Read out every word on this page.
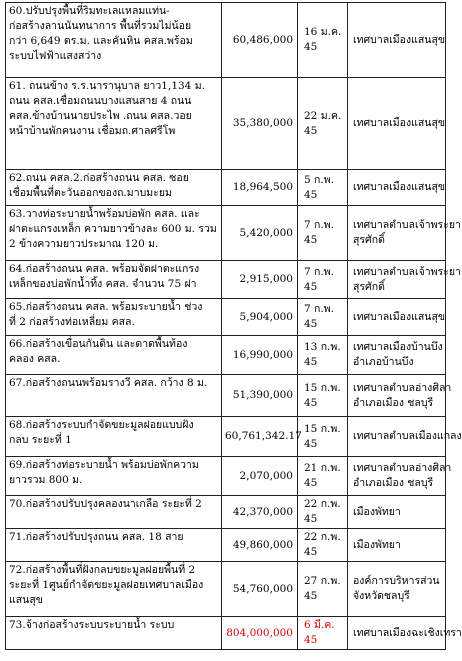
60.ปรับปรุงพื้นที่ริมทะเลแหลมแท่น-
ก่อสร้างลานนันทนาการ พื้นที่รวมไม่น้อย
กว่า 6,649 ตร.ม. และคันหิน คสล.พร้อม
ระบบไฟฟ้าแสงสว่าง	60,486,000	16 ม.ค. 45	เทศบาลเมืองแสนสุข

61. ถนนข้าง ร.ร.นารานุบาล ยาว1,134 ม.
ถนน คสล.เชื่อมถนนบางแสนสาย 4 ถนน
คสล.ข้างบ้านนายประไพ .ถนน คสล.วอย
หน้าบ้านพักคนงาน เชื่อมถ.ศาลศรีโพ	35,380,000	22 ม.ค. 45	เทศบาลเมืองแสนสุข

62.ถนน คสล.2.ก่อสร้างถนน คสล. ซอย
เชื่อมพื้นที่ตะวันออกของถ.มาบมะยม	18,964,500	5 ก.พ. 45	เทศบาลเมืองแสนสุข

63.วางท่อระบายน้ำพร้อมบ่อพัก คสล. และ
ฝาตะแกรงเหล็ก ความยาวข้างละ 600 ม. รวม
2 ข้างความยาวประมาณ 120 ม.	5,420,000	7 ก.พ. 45	เทศบาลตำบลเจ้าพระยา
สุรศักดิ์

64.ก่อสร้างถนน คสล. พร้อมจัดฝาตะแกรง
เหล็กของบ่อพักน้ำทิ้ง คสล. จำนวน 75 ฝา	2,915,000	7 ก.พ. 45	เทศบาลตำบลเจ้าพระยา
สุรศักดิ์

65.ก่อสร้างถนน คสล. พร้อมระบายน้ำ ช่วง
ที่ 2 ก่อสร้างท่อเหลี่ยม คสล.	5,904,000	7 ก.พ. 45	เทศบาลเมืองแสนสุข

66.ก่อสร้างเขื่อนกันดิน และดาดพื้นท้อง
คลอง คสล.	16,990,000	13 ก.พ. 45	เทศบาลเมืองบ้านบึง
อำเภอบ้านบึง

67.ก่อสร้างถนนพร้อมรางวี คสล. กว้าง 8 ม.	51,390,000	15 ก.พ. 45	เทศบาลตำบลอ่างศิลา
อำเภอเมือง ชลบุรี

68.ก่อสร้างระบบกำจัดขยะมูลฝอยแบบฝัง
กลบ ระยะที่ 1	60,761,342.17	15 ก.พ. 45	เทศบาลตำบลเมืองแกลง

69.ก่อสร้างท่อระบายน้ำ พร้อมบ่อพักความ
ยาวรวม 800 ม.	2,070,000	21 ก.พ. 45	เทศบาลตำบลอ่างศิลา
อำเภอเมือง ชลบุรี

70.ก่อสร้างปรับปรุงคลองนาเกลือ ระยะที่ 2	42,370,000	22 ก.พ. 45	เมืองพัทยา

71.ก่อสร้างปรับปรุงถนน คสล. 18 สาย	49,860,000	22 ก.พ. 45	เมืองพัทยา

72.ก่อสร้างพื้นที่ฝังกลบขยะมูลฝอยพื้นที่ 2
ระยะที่ 1ศูนย์กำจัดขยะมูลฝอยเทศบาลเมือง
แสนสุข	54,760,000	27 ก.พ. 45	องค์การบริหารส่วน
จังหวัดชลบุรี

73.จ้างก่อสร้างระบบระบายน้ำ ระบบ	804,000,000	6 มี.ค. 45	เทศบาลเมืองฉะเชิงเทรา
